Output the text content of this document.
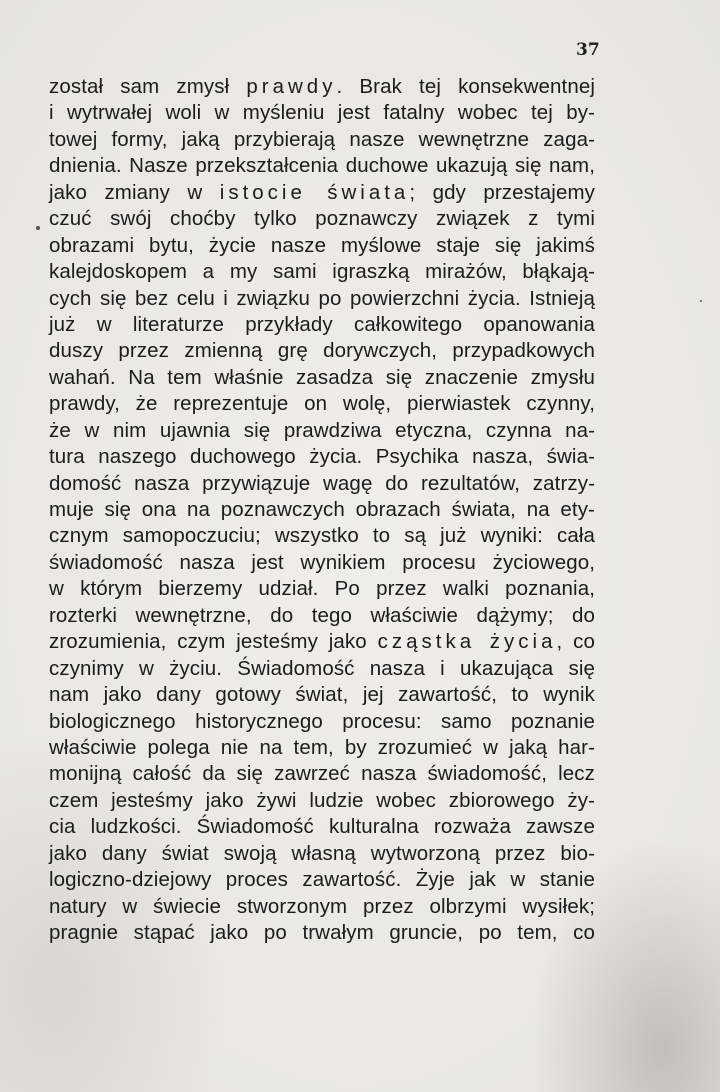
37
został sam zmysł prawdy. Brak tej konsekwentnej
i wytrwałej woli w myśleniu jest fatalny wobec tej by-
towej formy, jaką przybierają nasze wewnętrzne zaga-
dnienia. Nasze przekształcenia duchowe ukazują się nam,
jako zmiany w istocie świata; gdy przestajemy
czuć swój choćby tylko poznawczy związek z tymi
obrazami bytu, życie nasze myślowe staje się jakimś
kalejdoskopem a my sami igraszką mirażów, błąkają-
cych się bez celu i związku po powierzchni życia. Istnieją
już w literaturze przykłady całkowitego opanowania
duszy przez zmienną grę dorywczych, przypadkowych
wahań. Na tem właśnie zasadza się znaczenie zmysłu
prawdy, że reprezentuje on wolę, pierwiastek czynny,
że w nim ujawnia się prawdziwa etyczna, czynna na-
tura naszego duchowego życia. Psychika nasza, świa-
domość nasza przywiązuje wagę do rezultatów, zatrzy-
muje się ona na poznawczych obrazach świata, na ety-
cznym samopoczuciu; wszystko to są już wyniki: cała
świadomość nasza jest wynikiem procesu życiowego,
w którym bierzemy udział. Po przez walki poznania,
rozterki wewnętrzne, do tego właściwie dążymy; do
zrozumienia, czym jesteśmy jako cząstka życia, co
czynimy w życiu. Świadomość nasza i ukazująca się
nam jako dany gotowy świat, jej zawartość, to wynik
biologicznego historycznego procesu: samo poznanie
właściwie polega nie na tem, by zrozumieć w jaką har-
monijną całość da się zawrzeć nasza świadomość, lecz
czem jesteśmy jako żywi ludzie wobec zbiorowego ży-
cia ludzkości. Świadomość kulturalna rozważa zawsze
jako dany świat swoją własną wytworzoną przez bio-
logiczno-dziejowy proces zawartość. Żyje jak w stanie
natury w świecie stworzonym przez olbrzymi wysiłek;
pragnie stąpać jako po trwałym gruncie, po tem, co
